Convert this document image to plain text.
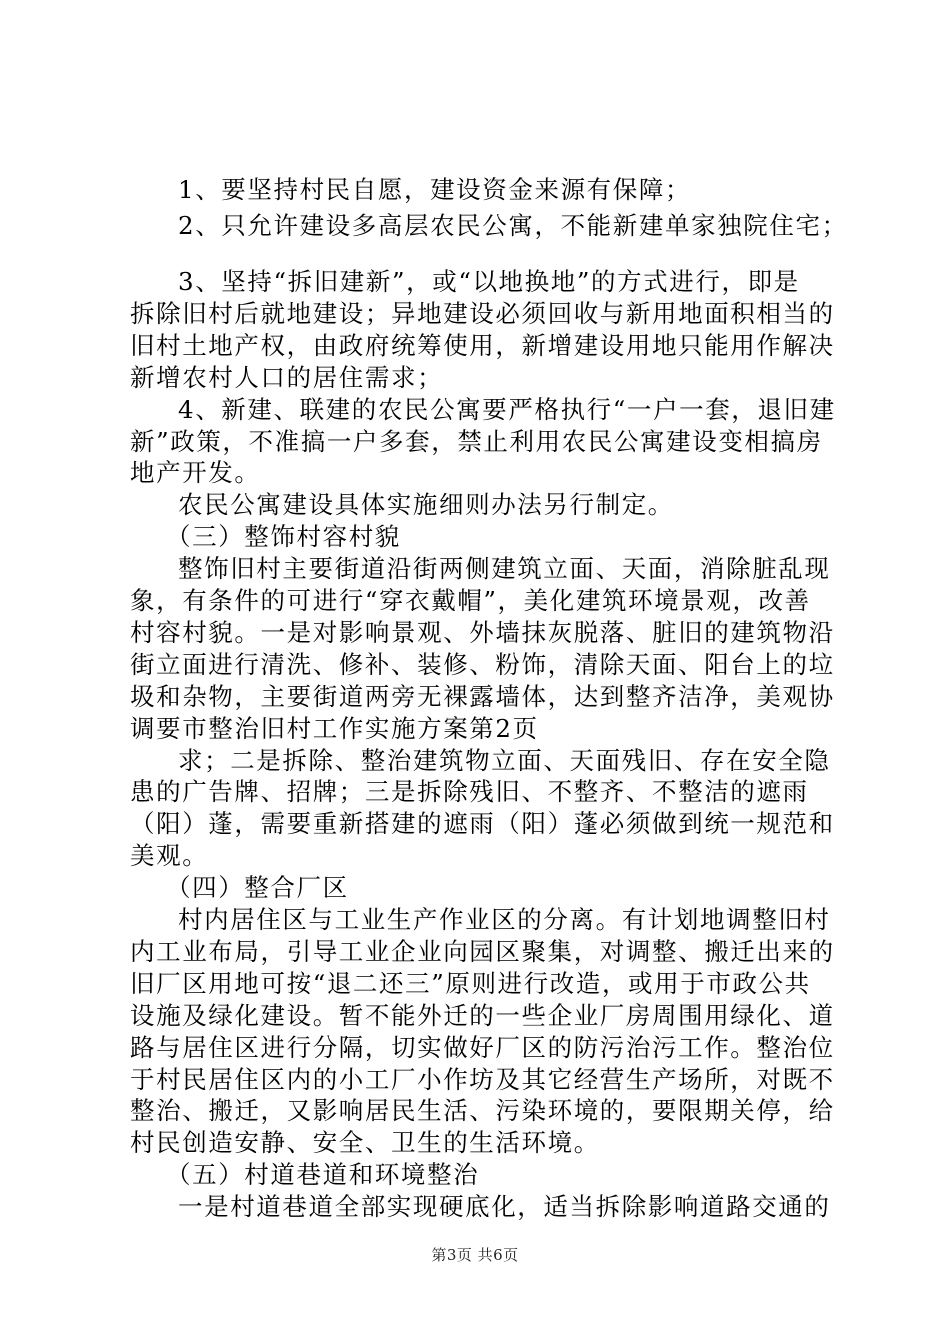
第3页 共6页
1、要坚持村民自愿，建设资金来源有保障；
2、只允许建设多高层农民公寓，不能新建单家独院住宅；
3、坚持“拆旧建新”，或“以地换地”的方式进行，即是
拆除旧村后就地建设；异地建设必须回收与新用地面积相当的
旧村土地产权，由政府统筹使用，新增建设用地只能用作解决
新增农村人口的居住需求；
4、新建、联建的农民公寓要严格执行“一户一套，退旧建
新”政策，不准搞一户多套，禁止利用农民公寓建设变相搞房
地产开发。
农民公寓建设具体实施细则办法另行制定。
（三）整饰村容村貌
整饰旧村主要街道沿街两侧建筑立面、天面，消除脏乱现
象，有条件的可进行“穿衣戴帽”，美化建筑环境景观，改善
村容村貌。一是对影响景观、外墙抹灰脱落、脏旧的建筑物沿
街立面进行清洗、修补、装修、粉饰，清除天面、阳台上的垃
圾和杂物，主要街道两旁无裸露墙体，达到整齐洁净，美观协
调要市整治旧村工作实施方案第2页
求；二是拆除、整治建筑物立面、天面残旧、存在安全隐
患的广告牌、招牌；三是拆除残旧、不整齐、不整洁的遮雨
（阳）蓬，需要重新搭建的遮雨（阳）蓬必须做到统一规范和
美观。
（四）整合厂区
村内居住区与工业生产作业区的分离。有计划地调整旧村
内工业布局，引导工业企业向园区聚集，对调整、搬迁出来的
旧厂区用地可按“退二还三”原则进行改造，或用于市政公共
设施及绿化建设。暂不能外迁的一些企业厂房周围用绿化、道
路与居住区进行分隔，切实做好厂区的防污治污工作。整治位
于村民居住区内的小工厂小作坊及其它经营生产场所，对既不
整治、搬迁，又影响居民生活、污染环境的，要限期关停，给
村民创造安静、安全、卫生的生活环境。
（五）村道巷道和环境整治
一是村道巷道全部实现硬底化，适当拆除影响道路交通的
